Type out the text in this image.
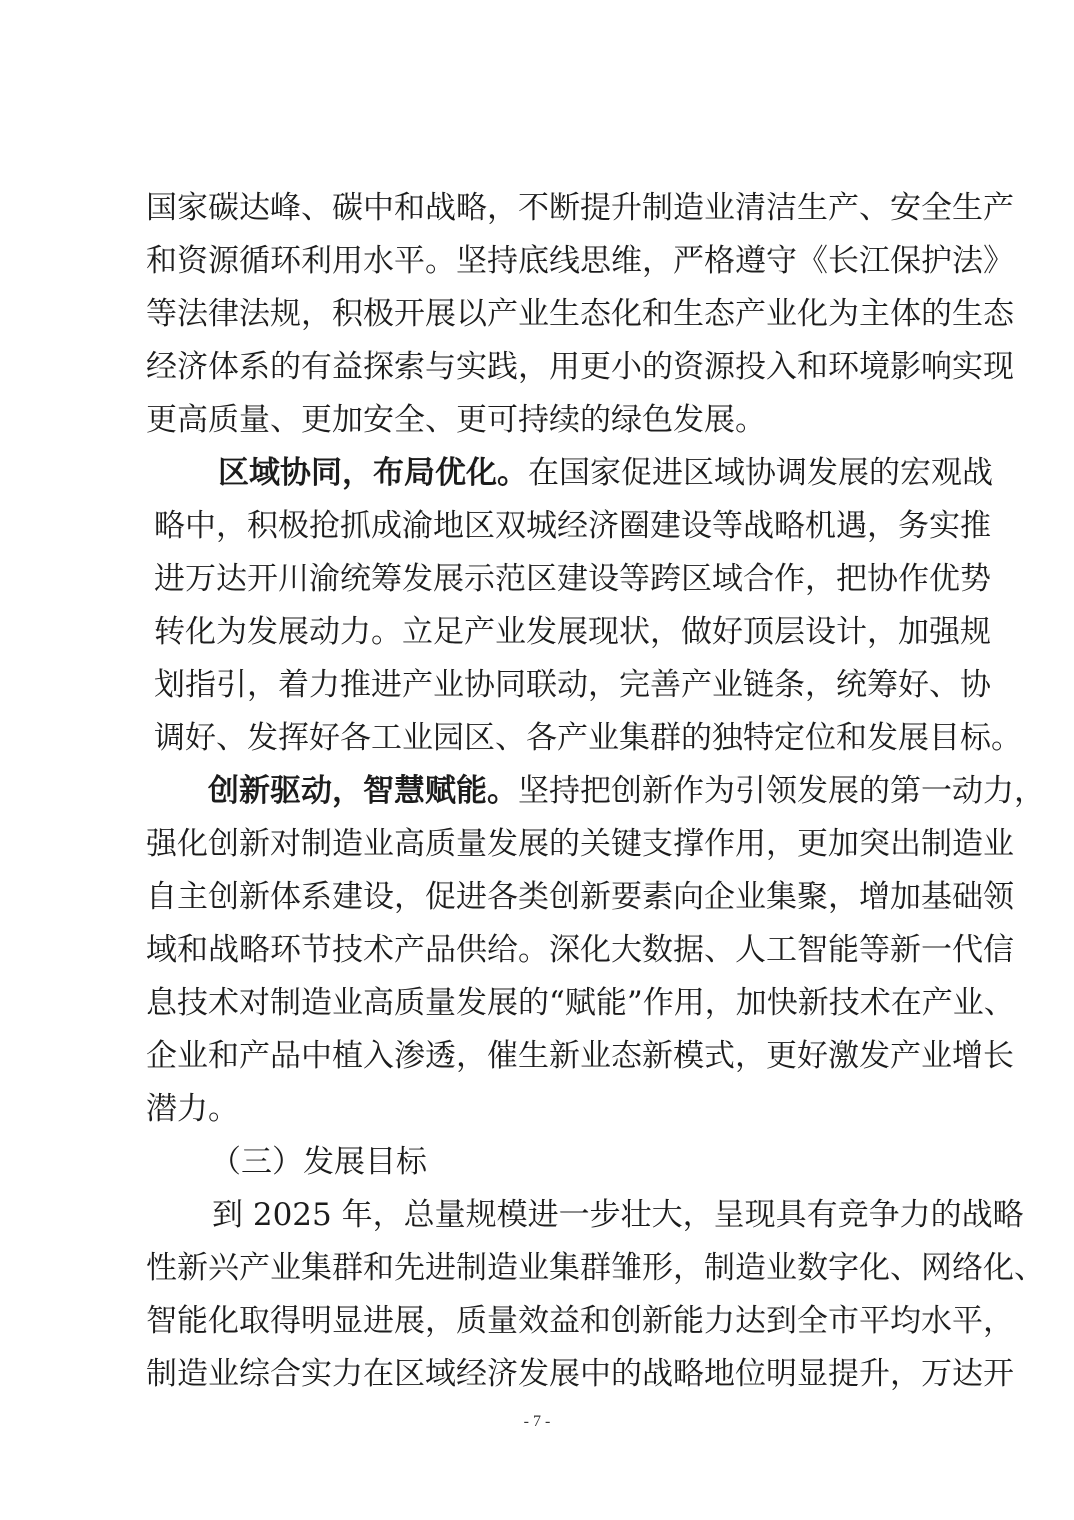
国家碳达峰、碳中和战略，不断提升制造业清洁生产、安全生产
和资源循环利用水平。坚持底线思维，严格遵守《长江保护法》
等法律法规，积极开展以产业生态化和生态产业化为主体的生态
经济体系的有益探索与实践，用更小的资源投入和环境影响实现
更高质量、更加安全、更可持续的绿色发展。
区域协同，布局优化。在国家促进区域协调发展的宏观战
略中，积极抢抓成渝地区双城经济圈建设等战略机遇，务实推
进万达开川渝统筹发展示范区建设等跨区域合作，把协作优势
转化为发展动力。立足产业发展现状，做好顶层设计，加强规
划指引，着力推进产业协同联动，完善产业链条，统筹好、协
调好、发挥好各工业园区、各产业集群的独特定位和发展目标。
创新驱动，智慧赋能。坚持把创新作为引领发展的第一动力，
强化创新对制造业高质量发展的关键支撑作用，更加突出制造业
自主创新体系建设，促进各类创新要素向企业集聚，增加基础领
域和战略环节技术产品供给。深化大数据、人工智能等新一代信
息技术对制造业高质量发展的“赋能”作用，加快新技术在产业、
企业和产品中植入渗透，催生新业态新模式，更好激发产业增长
潜力。
（三）发展目标
到 2025 年，总量规模进一步壮大，呈现具有竞争力的战略
性新兴产业集群和先进制造业集群雏形，制造业数字化、网络化、
智能化取得明显进展，质量效益和创新能力达到全市平均水平，
制造业综合实力在区域经济发展中的战略地位明显提升，万达开
- 7 -
